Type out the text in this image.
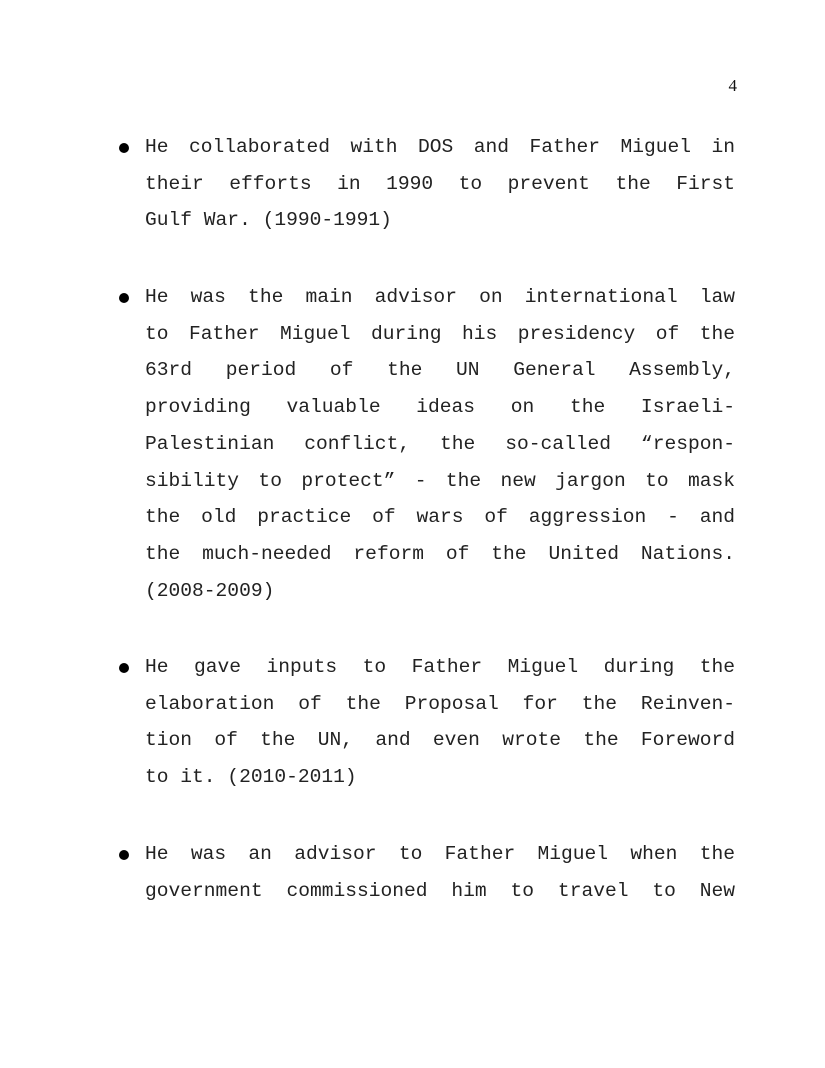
4
He collaborated with DOS and Father Miguel in
their efforts in 1990 to prevent the First
Gulf War. (1990-1991)
He was the main advisor on international law
to Father Miguel during his presidency of the
63rd period of the UN General Assembly,
providing valuable ideas on the Israeli-
Palestinian conflict, the so-called “respon-
sibility to protect” - the new jargon to mask
the old practice of wars of aggression - and
the much-needed reform of the United Nations.
(2008-2009)
He gave inputs to Father Miguel during the
elaboration of the Proposal for the Reinven-
tion of the UN, and even wrote the Foreword
to it. (2010-2011)
He was an advisor to Father Miguel when the
government commissioned him to travel to New
